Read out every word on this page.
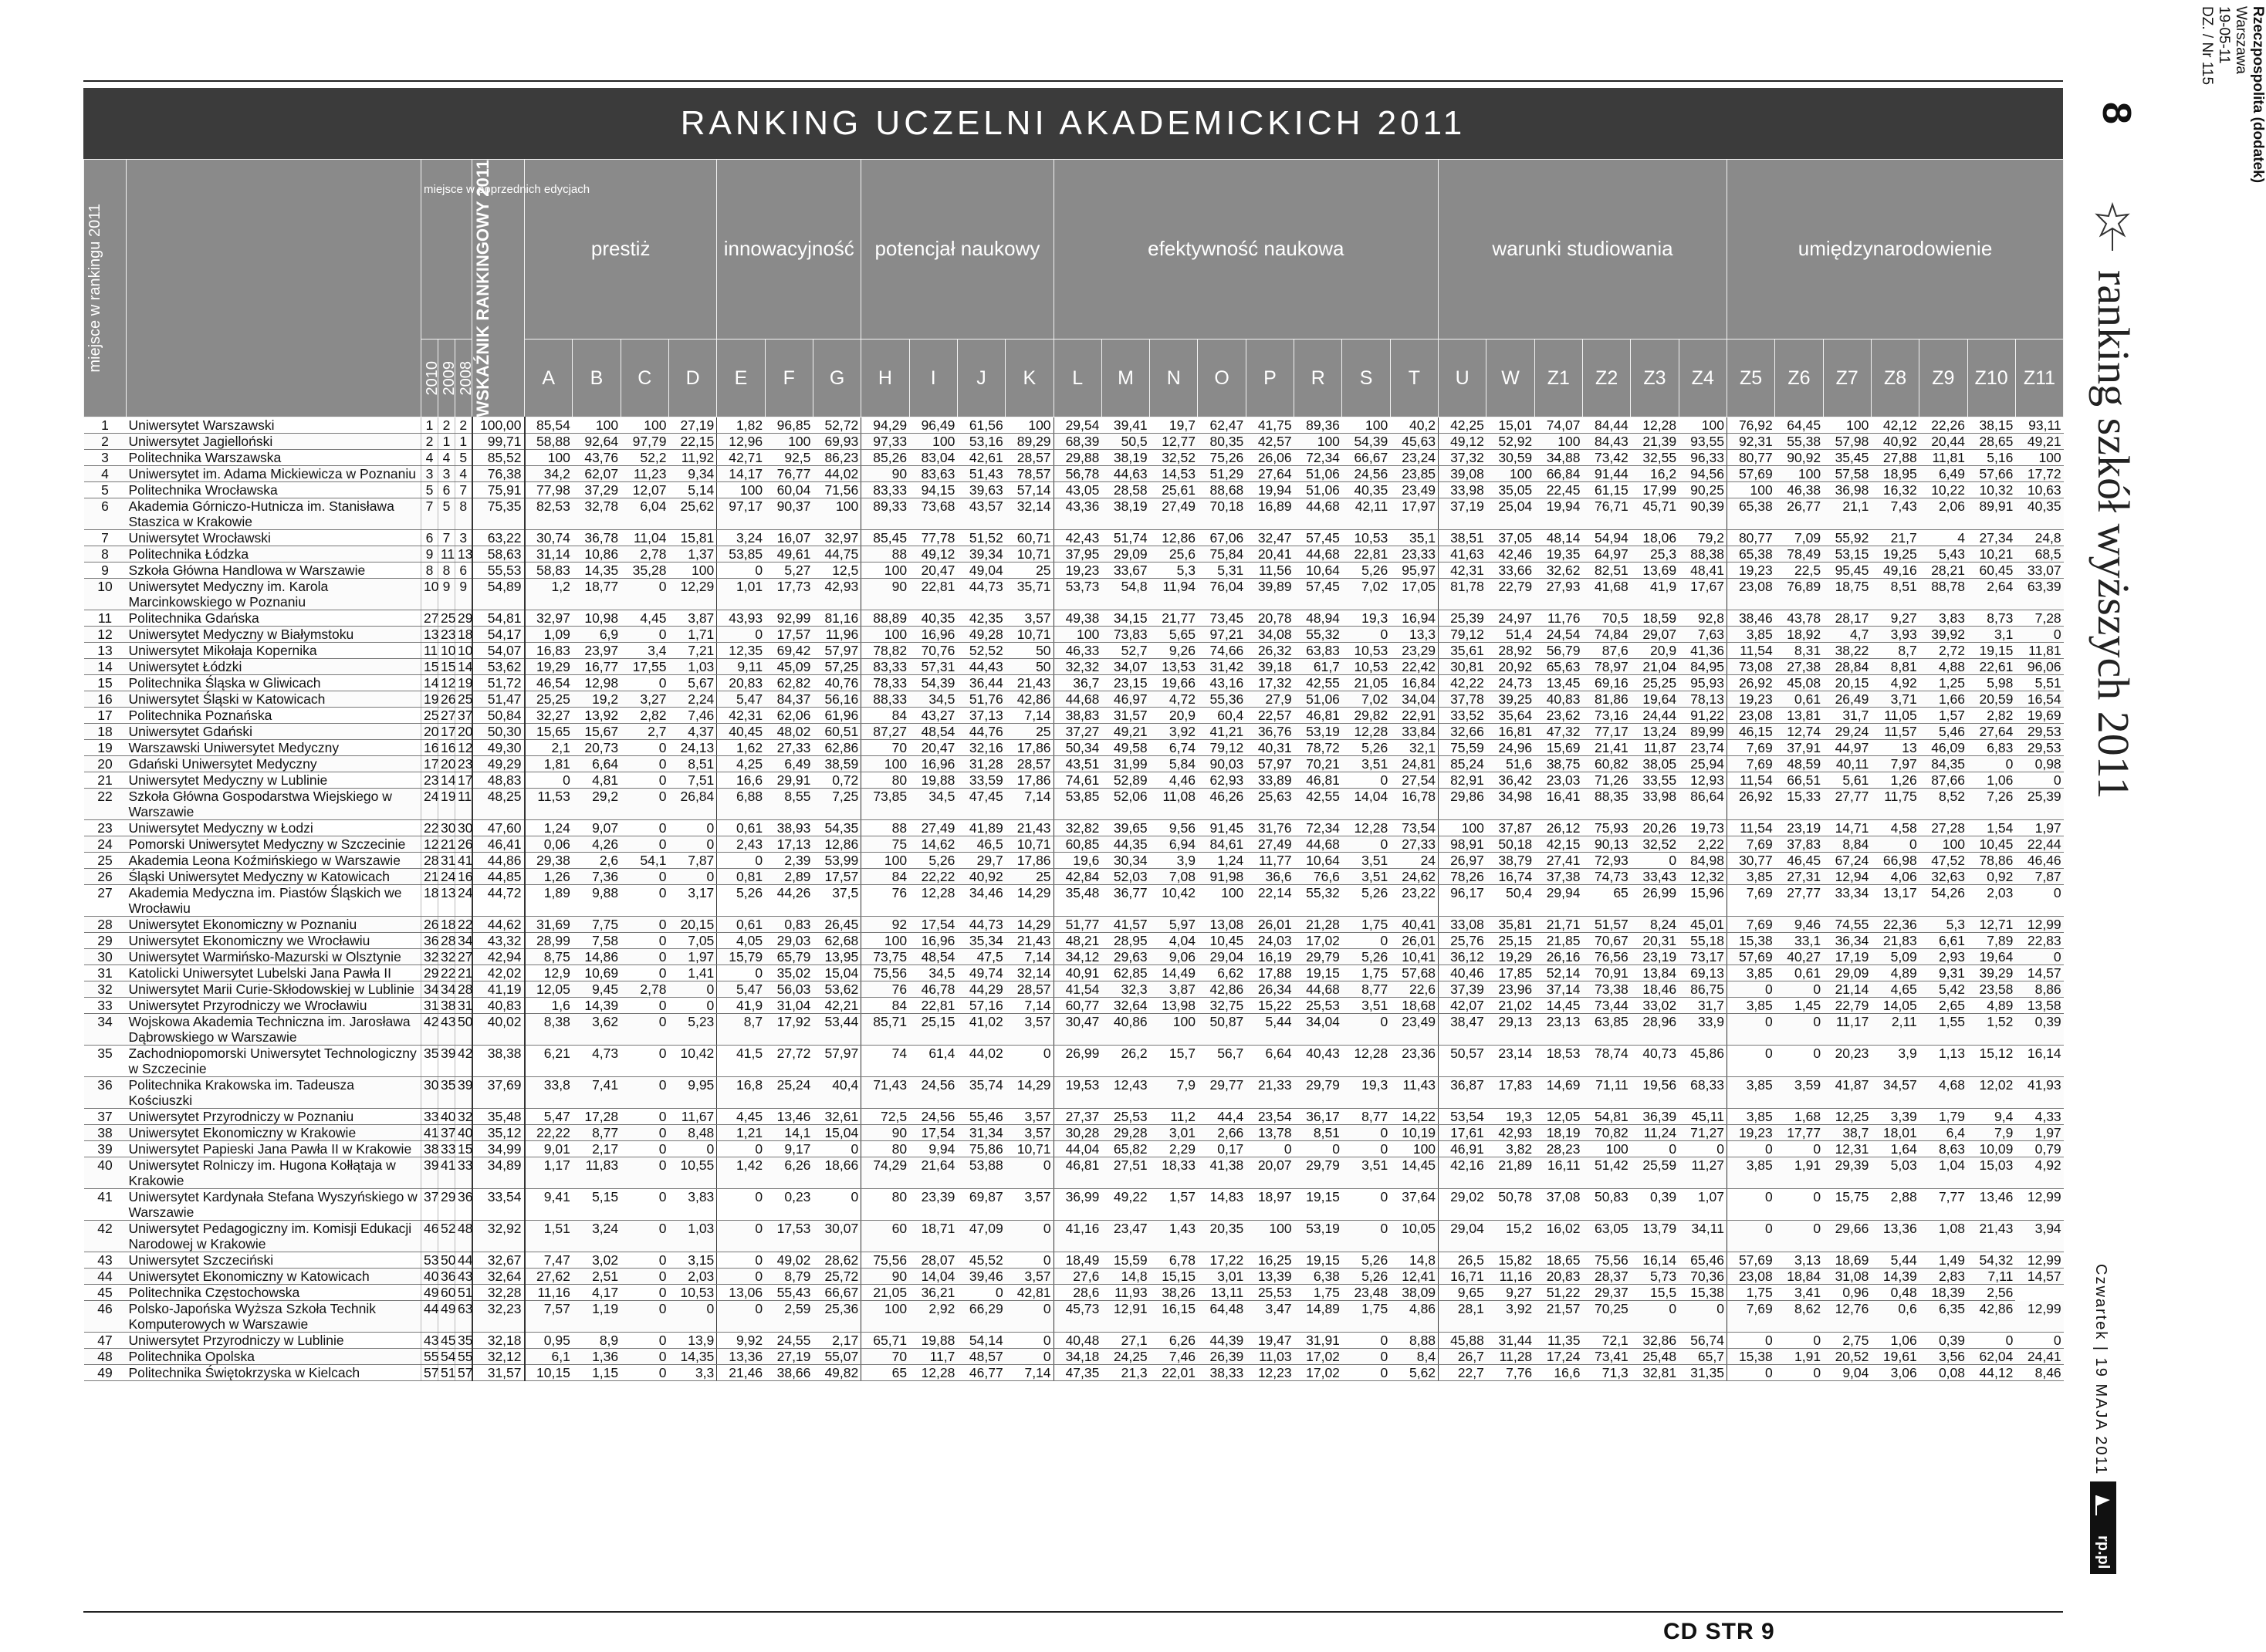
RANKING UCZELNI AKADEMICKICH 2011
miejsce w rankingu 2011		miejsce w poprzednich edycjach			WSKAŹNIK RANKINGOWY 2011	prestiż				innowacyjność			potencjał naukowy				efektywność naukowa								warunki studiowania						umiędzynarodowienie						

		2010	2009	2008		A	B	C	D	E	F	G	H	I	J	K	L	M	N	O	P	R	S	T	U	W	Z1	Z2	Z3	Z4	Z5	Z6	Z7	Z8	Z9	Z10	Z11
1	Uniwersytet Warszawski	1	2	2	100,00	85,54	100	100	27,19	1,82	96,85	52,72	94,29	96,49	61,56	100	29,54	39,41	19,7	62,47	41,75	89,36	100	40,2	42,25	15,01	74,07	84,44	12,28	100	76,92	64,45	100	42,12	22,26	38,15	93,11
2	Uniwersytet Jagielloński	2	1	1	99,71	58,88	92,64	97,79	22,15	12,96	100	69,93	97,33	100	53,16	89,29	68,39	50,5	12,77	80,35	42,57	100	54,39	45,63	49,12	52,92	100	84,43	21,39	93,55	92,31	55,38	57,98	40,92	20,44	28,65	49,21
3	Politechnika Warszawska	4	4	5	85,52	100	43,76	52,2	11,92	42,71	92,5	86,23	85,26	83,04	42,61	28,57	29,88	38,19	32,52	75,26	26,06	72,34	66,67	23,24	37,32	30,59	34,88	73,42	32,55	96,33	80,77	90,92	35,45	27,88	11,81	5,16	100
4	Uniwersytet im. Adama Mickiewicza w Poznaniu	3	3	4	76,38	34,2	62,07	11,23	9,34	14,17	76,77	44,02	90	83,63	51,43	78,57	56,78	44,63	14,53	51,29	27,64	51,06	24,56	23,85	39,08	100	66,84	91,44	16,2	94,56	57,69	100	57,58	18,95	6,49	57,66	17,72
5	Politechnika Wrocławska	5	6	7	75,91	77,98	37,29	12,07	5,14	100	60,04	71,56	83,33	94,15	39,63	57,14	43,05	28,58	25,61	88,68	19,94	51,06	40,35	23,49	33,98	35,05	22,45	61,15	17,99	90,25	100	46,38	36,98	16,32	10,22	10,32	10,63
6	Akademia Górniczo-Hutnicza im. Stanisława Staszica w Krakowie	7	5	8	75,35	82,53	32,78	6,04	25,62	97,17	90,37	100	89,33	73,68	43,57	32,14	43,36	38,19	27,49	70,18	16,89	44,68	42,11	17,97	37,19	25,04	19,94	76,71	45,71	90,39	65,38	26,77	21,1	7,43	2,06	89,91	40,35
7	Uniwersytet Wrocławski	6	7	3	63,22	30,74	36,78	11,04	15,81	3,24	16,07	32,97	85,45	77,78	51,52	60,71	42,43	51,74	12,86	67,06	32,47	57,45	10,53	35,1	38,51	37,05	48,14	54,94	18,06	79,2	80,77	7,09	55,92	21,7	4	27,34	24,8
8	Politechnika Łódzka	9	11	13	58,63	31,14	10,86	2,78	1,37	53,85	49,61	44,75	88	49,12	39,34	10,71	37,95	29,09	25,6	75,84	20,41	44,68	22,81	23,33	41,63	42,46	19,35	64,97	25,3	88,38	65,38	78,49	53,15	19,25	5,43	10,21	68,5
9	Szkoła Główna Handlowa w Warszawie	8	8	6	55,53	58,83	14,35	35,28	100	0	5,27	12,5	100	20,47	49,04	25	19,23	33,67	5,3	5,31	11,56	10,64	5,26	95,97	42,31	33,66	32,62	82,51	13,69	48,41	19,23	22,5	95,45	49,16	28,21	60,45	33,07
10	Uniwersytet Medyczny im. Karola Marcinkowskiego w Poznaniu	10	9	9	54,89	1,2	18,77	0	12,29	1,01	17,73	42,93	90	22,81	44,73	35,71	53,73	54,8	11,94	76,04	39,89	57,45	7,02	17,05	81,78	22,79	27,93	41,68	41,9	17,67	23,08	76,89	18,75	8,51	88,78	2,64	63,39
11	Politechnika Gdańska	27	25	29	54,81	32,97	10,98	4,45	3,87	43,93	92,99	81,16	88,89	40,35	42,35	3,57	49,38	34,15	21,77	73,45	20,78	48,94	19,3	16,94	25,39	24,97	11,76	70,5	18,59	92,8	38,46	43,78	28,17	9,27	3,83	8,73	7,28
12	Uniwersytet Medyczny w Białymstoku	13	23	18	54,17	1,09	6,9	0	1,71	0	17,57	11,96	100	16,96	49,28	10,71	100	73,83	5,65	97,21	34,08	55,32	0	13,3	79,12	51,4	24,54	74,84	29,07	7,63	3,85	18,92	4,7	3,93	39,92	3,1	0
13	Uniwersytet Mikołaja Kopernika	11	10	10	54,07	16,83	23,97	3,4	7,21	12,35	69,42	57,97	78,82	70,76	52,52	50	46,33	52,7	9,26	74,66	26,32	63,83	10,53	23,29	35,61	28,92	56,79	87,6	20,9	41,36	11,54	8,31	38,22	8,7	2,72	19,15	11,81
14	Uniwersytet Łódzki	15	15	14	53,62	19,29	16,77	17,55	1,03	9,11	45,09	57,25	83,33	57,31	44,43	50	32,32	34,07	13,53	31,42	39,18	61,7	10,53	22,42	30,81	20,92	65,63	78,97	21,04	84,95	73,08	27,38	28,84	8,81	4,88	22,61	96,06
15	Politechnika Śląska w Gliwicach	14	12	19	51,72	46,54	12,98	0	5,67	20,83	62,82	40,76	78,33	54,39	36,44	21,43	36,7	23,15	19,66	43,16	17,32	42,55	21,05	16,84	42,22	24,73	13,45	69,16	25,25	95,93	26,92	45,08	20,15	4,92	1,25	5,98	5,51
16	Uniwersytet Śląski w Katowicach	19	26	25	51,47	25,25	19,2	3,27	2,24	5,47	84,37	56,16	88,33	34,5	51,76	42,86	44,68	46,97	4,72	55,36	27,9	51,06	7,02	34,04	37,78	39,25	40,83	81,86	19,64	78,13	19,23	0,61	26,49	3,71	1,66	20,59	16,54
17	Politechnika Poznańska	25	27	37	50,84	32,27	13,92	2,82	7,46	42,31	62,06	61,96	84	43,27	37,13	7,14	38,83	31,57	20,9	60,4	22,57	46,81	29,82	22,91	33,52	35,64	23,62	73,16	24,44	91,22	23,08	13,81	31,7	11,05	1,57	2,82	19,69
18	Uniwersytet Gdański	20	17	20	50,30	15,65	15,67	2,7	4,37	40,45	48,02	60,51	87,27	48,54	44,76	25	37,27	49,21	3,92	41,21	36,76	53,19	12,28	33,84	32,66	16,81	47,32	77,17	13,24	89,99	46,15	12,74	29,24	11,57	5,46	27,64	29,53
19	Warszawski Uniwersytet Medyczny	16	16	12	49,30	2,1	20,73	0	24,13	1,62	27,33	62,86	70	20,47	32,16	17,86	50,34	49,58	6,74	79,12	40,31	78,72	5,26	32,1	75,59	24,96	15,69	21,41	11,87	23,74	7,69	37,91	44,97	13	46,09	6,83	29,53
20	Gdański Uniwersytet Medyczny	17	20	23	49,29	1,81	6,64	0	8,51	4,25	6,49	38,59	100	16,96	31,28	28,57	43,51	31,99	5,84	90,03	57,97	70,21	3,51	24,81	85,24	51,6	38,75	60,82	38,05	25,94	7,69	48,59	40,11	7,97	84,35	0	0,98
21	Uniwersytet Medyczny w Lublinie	23	14	17	48,83	0	4,81	0	7,51	16,6	29,91	0,72	80	19,88	33,59	17,86	74,61	52,89	4,46	62,93	33,89	46,81	0	27,54	82,91	36,42	23,03	71,26	33,55	12,93	11,54	66,51	5,61	1,26	87,66	1,06	0
22	Szkoła Główna Gospodarstwa Wiejskiego w Warszawie	24	19	11	48,25	11,53	29,2	0	26,84	6,88	8,55	7,25	73,85	34,5	47,45	7,14	53,85	52,06	11,08	46,26	25,63	42,55	14,04	16,78	29,86	34,98	16,41	88,35	33,98	86,64	26,92	15,33	27,77	11,75	8,52	7,26	25,39
23	Uniwersytet Medyczny w Łodzi	22	30	30	47,60	1,24	9,07	0	0	0,61	38,93	54,35	88	27,49	41,89	21,43	32,82	39,65	9,56	91,45	31,76	72,34	12,28	73,54	100	37,87	26,12	75,93	20,26	19,73	11,54	23,19	14,71	4,58	27,28	1,54	1,97
24	Pomorski Uniwersytet Medyczny w Szczecinie	12	21	26	46,41	0,06	4,26	0	0	2,43	17,13	12,86	75	14,62	46,5	10,71	60,85	44,35	6,94	84,61	27,49	44,68	0	27,33	98,91	50,18	42,15	90,13	32,52	2,22	7,69	37,83	8,84	0	100	10,45	22,44
25	Akademia Leona Koźmińskiego w Warszawie	28	31	41	44,86	29,38	2,6	54,1	7,87	0	2,39	53,99	100	5,26	29,7	17,86	19,6	30,34	3,9	1,24	11,77	10,64	3,51	24	26,97	38,79	27,41	72,93	0	84,98	30,77	46,45	67,24	66,98	47,52	78,86	46,46
26	Śląski Uniwersytet Medyczny w Katowicach	21	24	16	44,85	1,26	7,36	0	0	0,81	2,89	17,57	84	22,22	40,92	25	42,84	52,03	7,08	91,98	36,6	76,6	3,51	24,62	78,26	16,74	37,38	74,73	33,43	12,32	3,85	27,31	12,94	4,06	32,63	0,92	7,87
27	Akademia Medyczna im. Piastów Śląskich we Wrocławiu	18	13	24	44,72	1,89	9,88	0	3,17	5,26	44,26	37,5	76	12,28	34,46	14,29	35,48	36,77	10,42	100	22,14	55,32	5,26	23,22	96,17	50,4	29,94	65	26,99	15,96	7,69	27,77	33,34	13,17	54,26	2,03	0
28	Uniwersytet Ekonomiczny w Poznaniu	26	18	22	44,62	31,69	7,75	0	20,15	0,61	0,83	26,45	92	17,54	44,73	14,29	51,77	41,57	5,97	13,08	26,01	21,28	1,75	40,41	33,08	35,81	21,71	51,57	8,24	45,01	7,69	9,46	74,55	22,36	5,3	12,71	12,99
29	Uniwersytet Ekonomiczny we Wrocławiu	36	28	34	43,32	28,99	7,58	0	7,05	4,05	29,03	62,68	100	16,96	35,34	21,43	48,21	28,95	4,04	10,45	24,03	17,02	0	26,01	25,76	25,15	21,85	70,67	20,31	55,18	15,38	33,1	36,34	21,83	6,61	7,89	22,83
30	Uniwersytet Warmińsko-Mazurski w Olsztynie	32	32	27	42,94	8,75	14,86	0	1,97	15,79	65,79	13,95	73,75	48,54	47,5	7,14	34,12	29,63	9,06	29,04	16,19	29,79	5,26	10,41	36,12	19,29	26,16	76,56	23,19	73,17	57,69	40,27	17,19	5,09	2,93	19,64	0
31	Katolicki Uniwersytet Lubelski Jana Pawła II	29	22	21	42,02	12,9	10,69	0	1,41	0	35,02	15,04	75,56	34,5	49,74	32,14	40,91	62,85	14,49	6,62	17,88	19,15	1,75	57,68	40,46	17,85	52,14	70,91	13,84	69,13	3,85	0,61	29,09	4,89	9,31	39,29	14,57
32	Uniwersytet Marii Curie-Skłodowskiej w Lublinie	34	34	28	41,19	12,05	9,45	2,78	0	5,47	56,03	53,62	76	46,78	44,29	28,57	41,54	32,3	3,87	42,86	26,34	44,68	8,77	22,6	37,39	23,96	37,14	73,38	18,46	86,75	0	0	21,14	4,65	5,42	23,58	8,86
33	Uniwersytet Przyrodniczy we Wrocławiu	31	38	31	40,83	1,6	14,39	0	0	41,9	31,04	42,21	84	22,81	57,16	7,14	60,77	32,64	13,98	32,75	15,22	25,53	3,51	18,68	42,07	21,02	14,45	73,44	33,02	31,7	3,85	1,45	22,79	14,05	2,65	4,89	13,58
34	Wojskowa Akademia Techniczna im. Jarosława Dąbrowskiego w Warszawie	42	43	50	40,02	8,38	3,62	0	5,23	8,7	17,92	53,44	85,71	25,15	41,02	3,57	30,47	40,86	100	50,87	5,44	34,04	0	23,49	38,47	29,13	23,13	63,85	28,96	33,9	0	0	11,17	2,11	1,55	1,52	0,39
35	Zachodniopomorski Uniwersytet Technologiczny w Szczecinie	35	39	42	38,38	6,21	4,73	0	10,42	41,5	27,72	57,97	74	61,4	44,02	0	26,99	26,2	15,7	56,7	6,64	40,43	12,28	23,36	50,57	23,14	18,53	78,74	40,73	45,86	0	0	20,23	3,9	1,13	15,12	16,14
36	Politechnika Krakowska im. Tadeusza Kościuszki	30	35	39	37,69	33,8	7,41	0	9,95	16,8	25,24	40,4	71,43	24,56	35,74	14,29	19,53	12,43	7,9	29,77	21,33	29,79	19,3	11,43	36,87	17,83	14,69	71,11	19,56	68,33	3,85	3,59	41,87	34,57	4,68	12,02	41,93
37	Uniwersytet Przyrodniczy w Poznaniu	33	40	32	35,48	5,47	17,28	0	11,67	4,45	13,46	32,61	72,5	24,56	55,46	3,57	27,37	25,53	11,2	44,4	23,54	36,17	8,77	14,22	53,54	19,3	12,05	54,81	36,39	45,11	3,85	1,68	12,25	3,39	1,79	9,4	4,33
38	Uniwersytet Ekonomiczny w Krakowie	41	37	40	35,12	22,22	8,77	0	8,48	1,21	14,1	15,04	90	17,54	31,34	3,57	30,28	29,28	3,01	2,66	13,78	8,51	0	10,19	17,61	42,93	18,19	70,82	11,24	71,27	19,23	17,77	38,7	18,01	6,4	7,9	1,97
39	Uniwersytet Papieski Jana Pawła II w Krakowie	38	33	15	34,99	9,01	2,17	0	0	0	9,17	0	80	9,94	75,86	10,71	44,04	65,82	2,29	0,17	0	0	0	100	46,91	3,82	28,23	100	0	0	0	0	12,31	1,64	8,63	10,09	0,79
40	Uniwersytet Rolniczy im. Hugona Kołłątaja w Krakowie	39	41	33	34,89	1,17	11,83	0	10,55	1,42	6,26	18,66	74,29	21,64	53,88	0	46,81	27,51	18,33	41,38	20,07	29,79	3,51	14,45	42,16	21,89	16,11	51,42	25,59	11,27	3,85	1,91	29,39	5,03	1,04	15,03	4,92
41	Uniwersytet Kardynała Stefana Wyszyńskiego w Warszawie	37	29	36	33,54	9,41	5,15	0	3,83	0	0,23	0	80	23,39	69,87	3,57	36,99	49,22	1,57	14,83	18,97	19,15	0	37,64	29,02	50,78	37,08	50,83	0,39	1,07	0	0	15,75	2,88	7,77	13,46	12,99
42	Uniwersytet Pedagogiczny im. Komisji Edukacji Narodowej w Krakowie	46	52	48	32,92	1,51	3,24	0	1,03	0	17,53	30,07	60	18,71	47,09	0	41,16	23,47	1,43	20,35	100	53,19	0	10,05	29,04	15,2	16,02	63,05	13,79	34,11	0	0	29,66	13,36	1,08	21,43	3,94
43	Uniwersytet Szczeciński	53	50	44	32,67	7,47	3,02	0	3,15	0	49,02	28,62	75,56	28,07	45,52	0	18,49	15,59	6,78	17,22	16,25	19,15	5,26	14,8	26,5	15,82	18,65	75,56	16,14	65,46	57,69	3,13	18,69	5,44	1,49	54,32	12,99
44	Uniwersytet Ekonomiczny w Katowicach	40	36	43	32,64	27,62	2,51	0	2,03	0	8,79	25,72	90	14,04	39,46	3,57	27,6	14,8	15,15	3,01	13,39	6,38	5,26	12,41	16,71	11,16	20,83	28,37	5,73	70,36	23,08	18,84	31,08	14,39	2,83	7,11	14,57
45	Politechnika Częstochowska	49	60	51	32,28	11,16	4,17	0	10,53	13,06	55,43	66,67	21,05	36,21	0	42,81	28,6	11,93	38,26	13,11	25,53	1,75	23,48	38,09	9,65	9,27	51,22	29,37	15,5	15,38	1,75	3,41	0,96	0,48	18,39	2,56	
46	Polsko-Japońska Wyższa Szkoła Technik Komputerowych w Warszawie	44	49	63	32,23	7,57	1,19	0	0	0	2,59	25,36	100	2,92	66,29	0	45,73	12,91	16,15	64,48	3,47	14,89	1,75	4,86	28,1	3,92	21,57	70,25	0	0	7,69	8,62	12,76	0,6	6,35	42,86	12,99
47	Uniwersytet Przyrodniczy w Lublinie	43	45	35	32,18	0,95	8,9	0	13,9	9,92	24,55	2,17	65,71	19,88	54,14	0	40,48	27,1	6,26	44,39	19,47	31,91	0	8,88	45,88	31,44	11,35	72,1	32,86	56,74	0	0	2,75	1,06	0,39	0	0
48	Politechnika Opolska	55	54	55	32,12	6,1	1,36	0	14,35	13,36	27,19	55,07	70	11,7	48,57	0	34,18	24,25	7,46	26,39	11,03	17,02	0	8,4	26,7	11,28	17,24	73,41	25,48	65,7	15,38	1,91	20,52	19,61	3,56	62,04	24,41
49	Politechnika Świętokrzyska w Kielcach	57	51	57	31,57	10,15	1,15	0	3,3	21,46	38,66	49,82	65	12,28	46,77	7,14	47,35	21,3	22,01	38,33	12,23	17,02	0	5,62	22,7	7,76	16,6	71,3	32,81	31,35	0	0	9,04	3,06	0,08	44,12	8,46
Rzeczpospolita (dodatek)
Warszawa
19-05-11
DZ. / Nr 115
8
ranking szkół wyższych 2011
Czwartek | 19 MAJA 2011
rp.pl
CD STR 9
